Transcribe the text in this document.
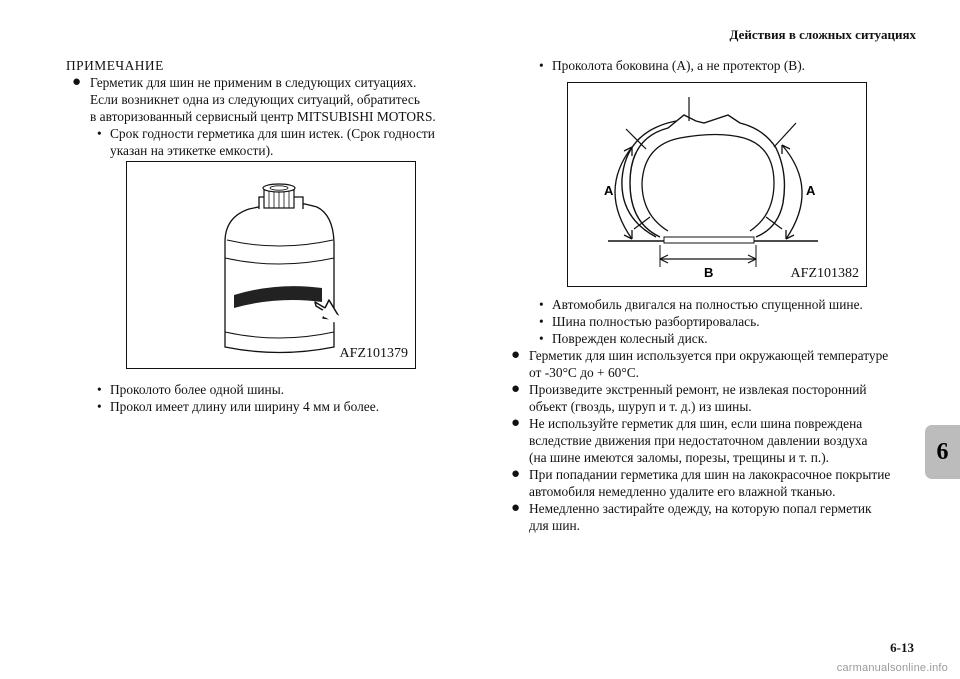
Действия в сложных ситуациях
ПРИМЕЧАНИЕ
● Герметик для шин не применим в следующих ситуациях.
Если возникнет одна из следующих ситуаций, обратитесь
в авторизованный сервисный центр MITSUBISHI MOTORS.
• Срок годности герметика для шин истек. (Срок годности
указан на этикетке емкости).
AFZ101379
• Проколото более одной шины.
• Прокол имеет длину или ширину 4 мм и более.
• Проколота боковина (A), а не протектор (B).
A	A
B	AFZ101382
• Автомобиль двигался на полностью спущенной шине.
• Шина полностью разбортировалась.
• Поврежден колесный диск.
● Герметик для шин используется при окружающей температуре
от -30°C до + 60°C.
● Произведите экстренный ремонт, не извлекая посторонний
объект (гвоздь, шуруп и т. д.) из шины.
● Не используйте герметик для шин, если шина повреждена
вследствие движения при недостаточном давлении воздуха
(на шине имеются заломы, порезы, трещины и т. п.).
● При попадании герметика для шин на лакокрасочное покрытие
автомобиля немедленно удалите его влажной тканью.
● Немедленно застирайте одежду, на которую попал герметик
для шин.
6
6-13
carmanualsonline.info
